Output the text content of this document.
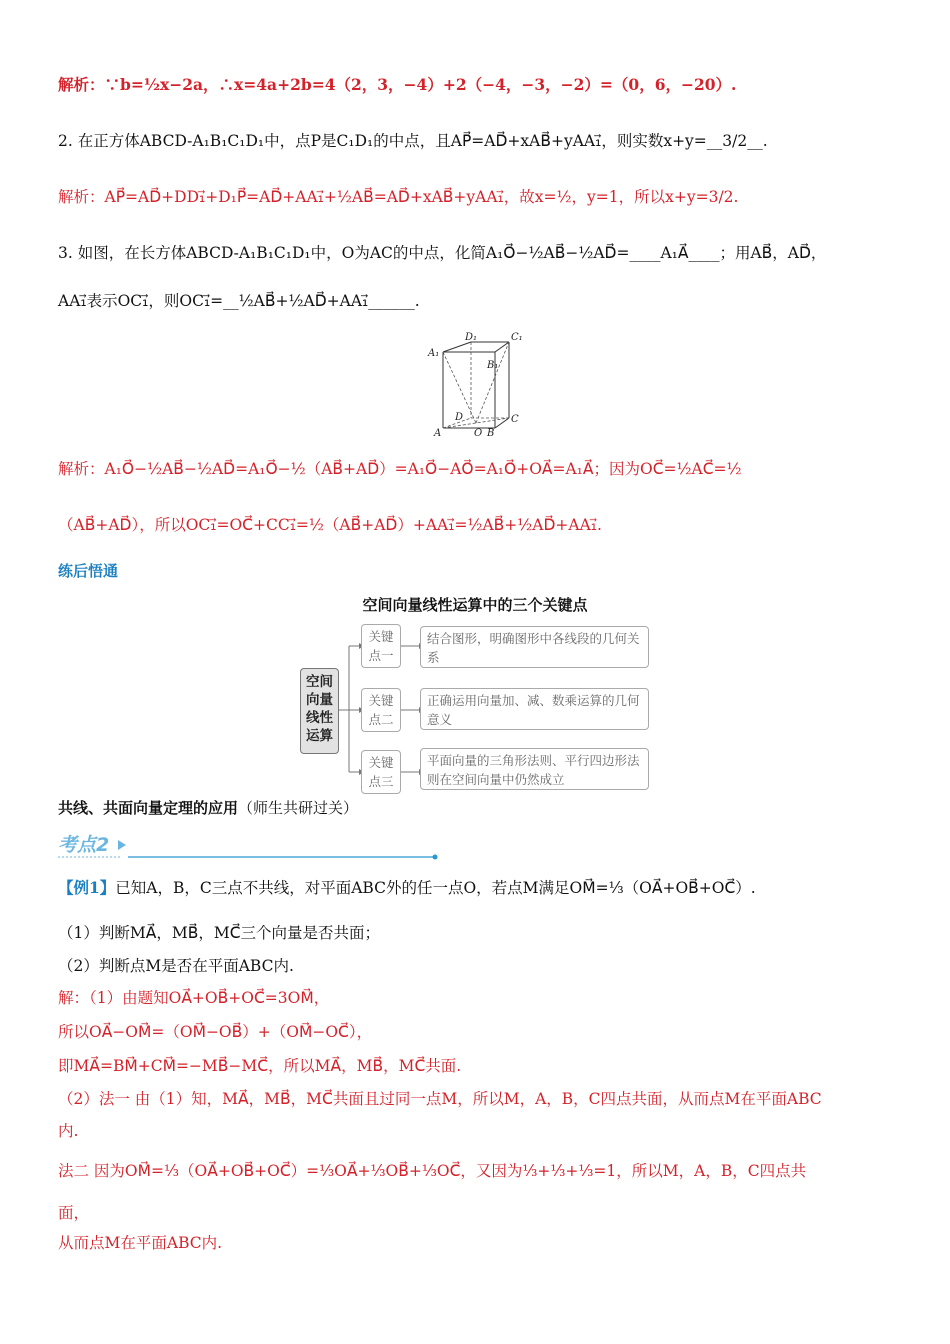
解析：∵b=½x−2a，∴x=4a+2b=4（2，3，−4）+2（−4，−3，−2）=（0，6，−20）.
2. 在正方体ABCD-A₁B₁C₁D₁中，点P是C₁D₁的中点，且AP⃗=AD⃗+xAB⃗+yAA₁⃗，则实数x+y=__3/2__.
解析：AP⃗=AD⃗+DD₁⃗+D₁P⃗=AD⃗+AA₁⃗+½AB⃗=AD⃗+xAB⃗+yAA₁⃗，故x=½，y=1，所以x+y=3/2.
3. 如图，在长方体ABCD-A₁B₁C₁D₁中，O为AC的中点，化简A₁O⃗−½AB⃗−½AD⃗=____A₁A⃗____；用AB⃗，AD⃗，
AA₁⃗表示OC₁⃗，则OC₁⃗=__½AB⃗+½AD⃗+AA₁⃗______.
D₁	C₁
A₁
B₁
D	C
A	O B
解析：A₁O⃗−½AB⃗−½AD⃗=A₁O⃗−½（AB⃗+AD⃗）=A₁O⃗−AO⃗=A₁O⃗+OA⃗=A₁A⃗；因为OC⃗=½AC⃗=½
（AB⃗+AD⃗），所以OC₁⃗=OC⃗+CC₁⃗=½（AB⃗+AD⃗）+AA₁⃗=½AB⃗+½AD⃗+AA₁⃗.
练后悟通
空间向量线性运算中的三个关键点
空间向量线性运算
关键点一
关键点二
关键点三
结合图形，明确图形中各线段的几何关系
正确运用向量加、减、数乘运算的几何意义
平面向量的三角形法则、平行四边形法则在空间向量中仍然成立
共线、共面向量定理的应用（师生共研过关）
考点2
【例1】已知A，B，C三点不共线，对平面ABC外的任一点O，若点M满足OM⃗=⅓（OA⃗+OB⃗+OC⃗）.
（1）判断MA⃗，MB⃗，MC⃗三个向量是否共面；
（2）判断点M是否在平面ABC内.
解：（1）由题知OA⃗+OB⃗+OC⃗=3OM⃗，
所以OA⃗−OM⃗=（OM⃗−OB⃗）+（OM⃗−OC⃗），
即MA⃗=BM⃗+CM⃗=−MB⃗−MC⃗，所以MA⃗，MB⃗，MC⃗共面.
（2）法一 由（1）知，MA⃗，MB⃗，MC⃗共面且过同一点M，所以M，A，B，C四点共面，从而点M在平面ABC
内.
法二 因为OM⃗=⅓（OA⃗+OB⃗+OC⃗）=⅓OA⃗+⅓OB⃗+⅓OC⃗，又因为⅓+⅓+⅓=1，所以M，A，B，C四点共
面，
从而点M在平面ABC内.
